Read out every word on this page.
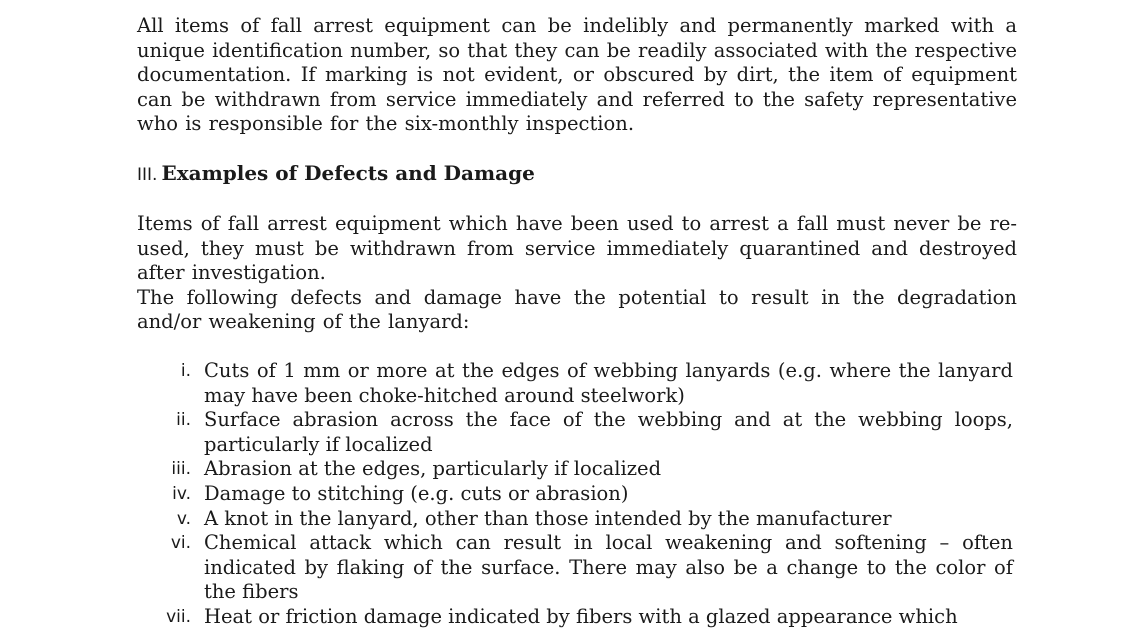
All items of fall arrest equipment can be indelibly and permanently marked with a unique identification number, so that they can be readily associated with the respective documentation. If marking is not evident, or obscured by dirt, the item of equipment can be withdrawn from service immediately and referred to the safety representative who is responsible for the six-monthly inspection.

III. Examples of Defects and Damage

Items of fall arrest equipment which have been used to arrest a fall must never be re-used, they must be withdrawn from service immediately quarantined and destroyed after investigation.

The following defects and damage have the potential to result in the degradation and/or weakening of the lanyard:

i. Cuts of 1 mm or more at the edges of webbing lanyards (e.g. where the lanyard may have been choke-hitched around steelwork)
ii. Surface abrasion across the face of the webbing and at the webbing loops, particularly if localized
iii. Abrasion at the edges, particularly if localized
iv. Damage to stitching (e.g. cuts or abrasion)
v. A knot in the lanyard, other than those intended by the manufacturer
vi. Chemical attack which can result in local weakening and softening – often indicated by flaking of the surface. There may also be a change to the color of the fibers
vii. Heat or friction damage indicated by fibers with a glazed appearance which
